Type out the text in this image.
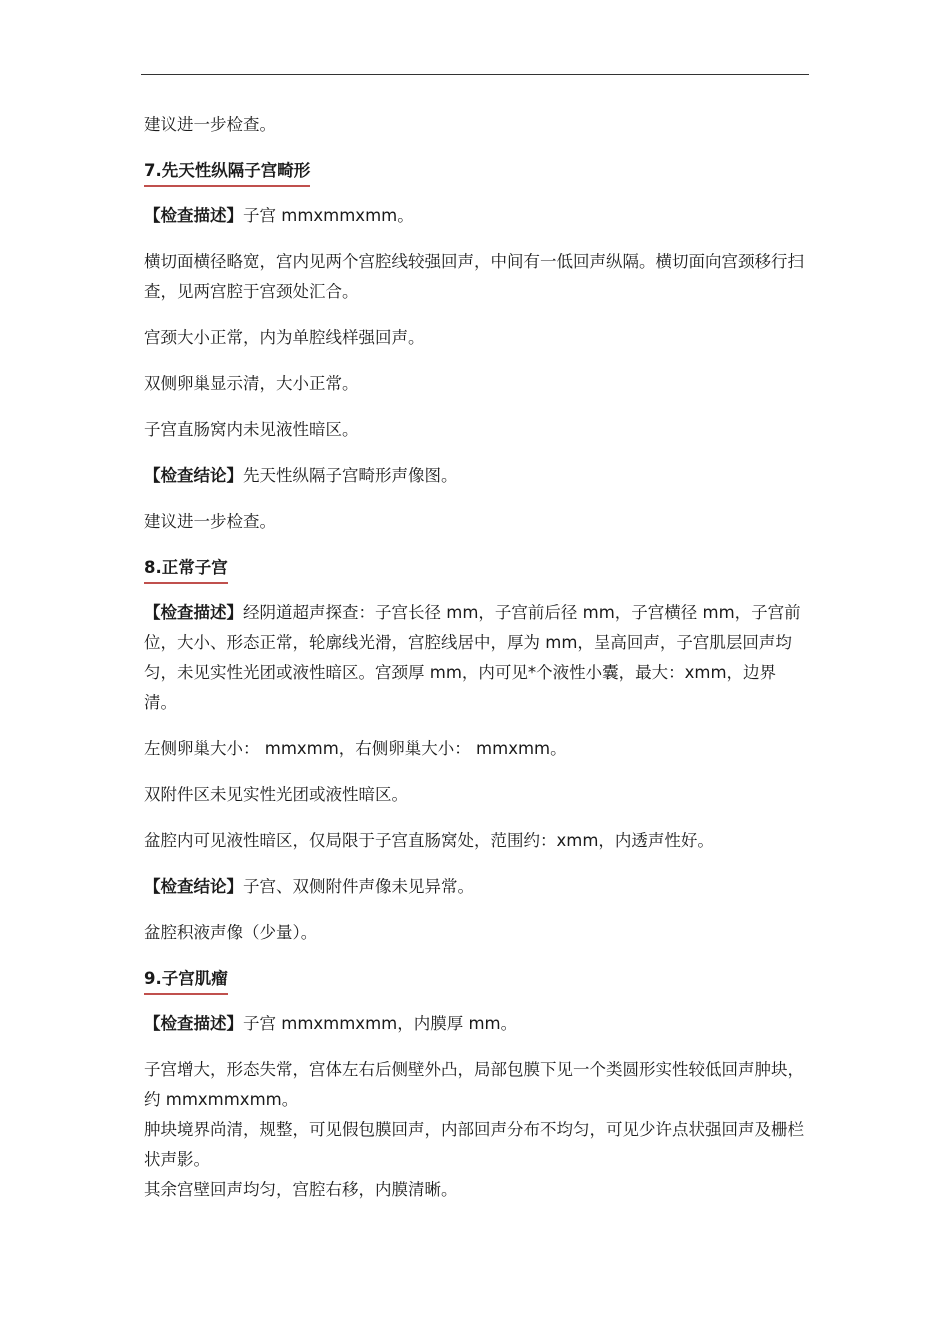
建议进一步检查。

7.先天性纵隔子宫畸形

【检查描述】子宫 mmxmmxmm。

横切面横径略宽，宫内见两个宫腔线较强回声，中间有一低回声纵隔。横切面向宫颈移行扫查，见两宫腔于宫颈处汇合。

宫颈大小正常，内为单腔线样强回声。

双侧卵巢显示清，大小正常。

子宫直肠窝内未见液性暗区。

【检查结论】先天性纵隔子宫畸形声像图。

建议进一步检查。

8.正常子宫

【检查描述】经阴道超声探查：子宫长径 mm，子宫前后径 mm，子宫横径 mm，子宫前位，大小、形态正常，轮廓线光滑，宫腔线居中，厚为 mm，呈高回声，子宫肌层回声均匀，未见实性光团或液性暗区。宫颈厚 mm，内可见*个液性小囊，最大：xmm，边界清。

左侧卵巢大小： mmxmm，右侧卵巢大小： mmxmm。

双附件区未见实性光团或液性暗区。

盆腔内可见液性暗区，仅局限于子宫直肠窝处，范围约：xmm，内透声性好。

【检查结论】子宫、双侧附件声像未见异常。

盆腔积液声像（少量）。

9.子宫肌瘤

【检查描述】子宫 mmxmmxmm，内膜厚 mm。

子宫增大，形态失常，宫体左右后侧壁外凸，局部包膜下见一个类圆形实性较低回声肿块，约 mmxmmxmm。

肿块境界尚清，规整，可见假包膜回声，内部回声分布不均匀，可见少许点状强回声及栅栏状声影。

其余宫壁回声均匀，宫腔右移，内膜清晰。
